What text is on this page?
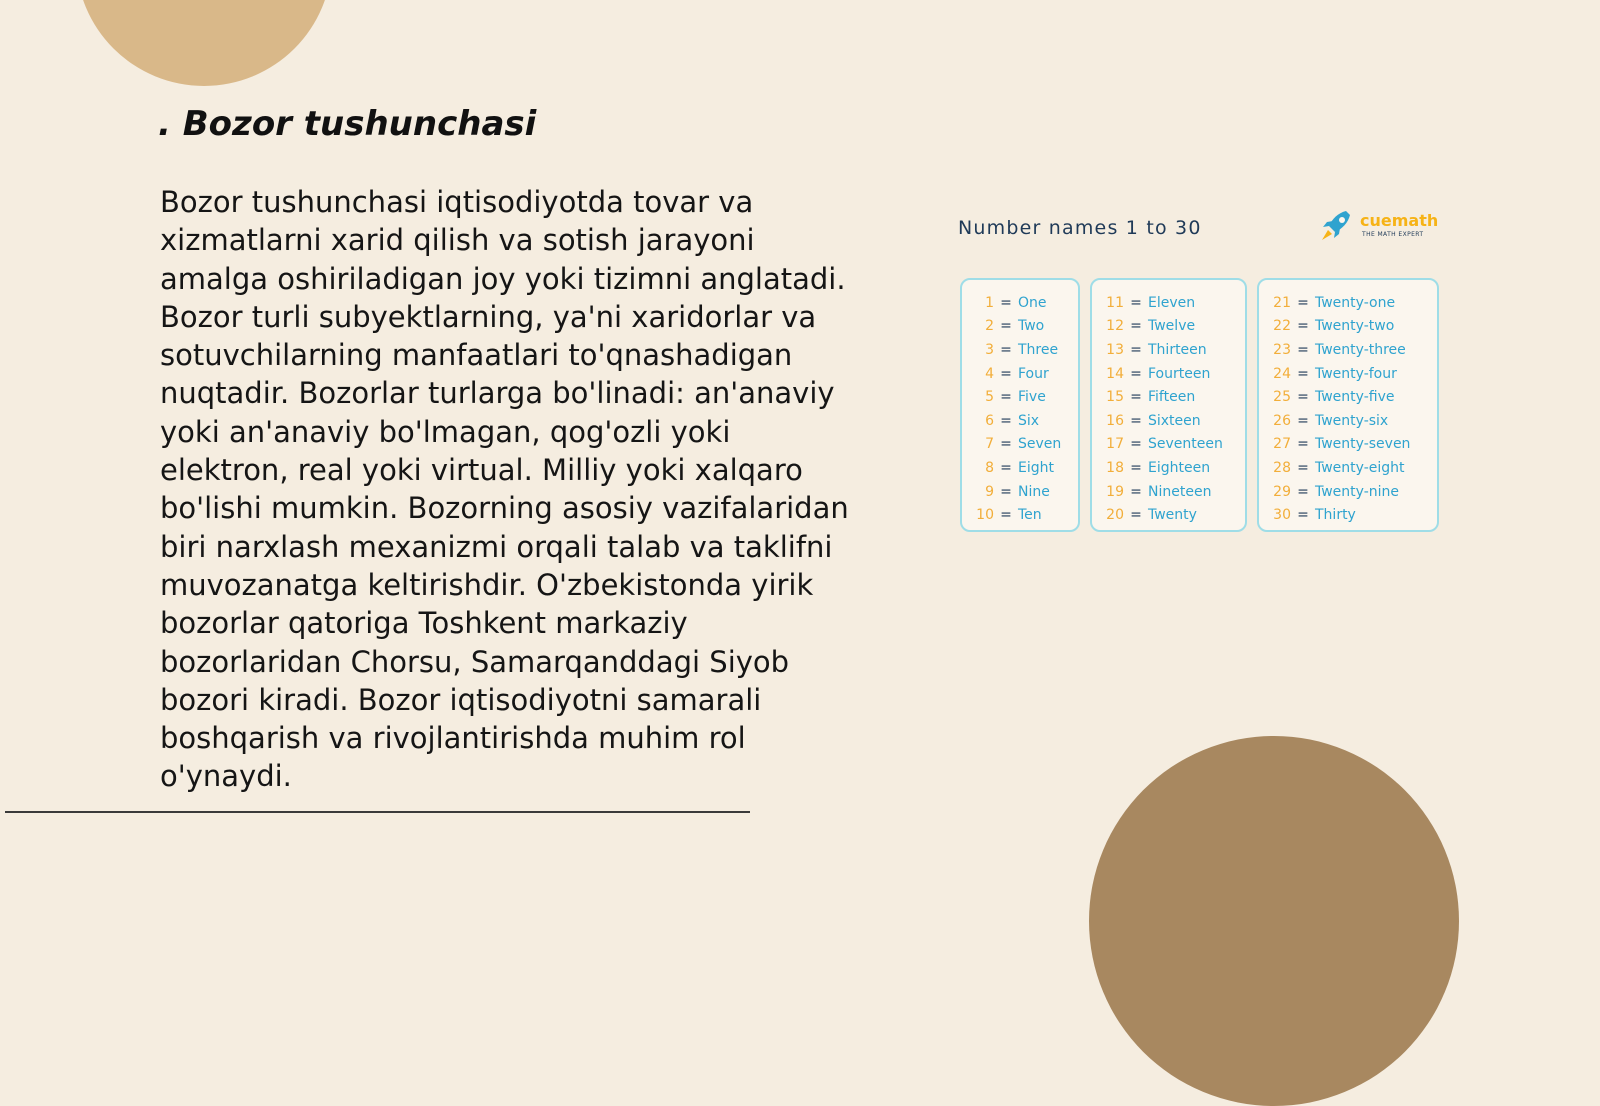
. Bozor tushunchasi

Bozor tushunchasi iqtisodiyotda tovar va xizmatlarni xarid qilish va sotish jarayoni amalga oshiriladigan joy yoki tizimni anglatadi. Bozor turli subyektlarning, ya'ni xaridorlar va sotuvchilarning manfaatlari to'qnashadigan nuqtadir. Bozorlar turlarga bo'linadi: an'anaviy yoki an'anaviy bo'lmagan, qog'ozli yoki elektron, real yoki virtual. Milliy yoki xalqaro bo'lishi mumkin. Bozorning asosiy vazifalaridan biri narxlash mexanizmi orqali talab va taklifni muvozanatga keltirishdir. O'zbekistonda yirik bozorlar qatoriga Toshkent markaziy bozorlaridan Chorsu, Samarqanddagi Siyob bozori kiradi. Bozor iqtisodiyotni samarali boshqarish va rivojlantirishda muhim rol o'ynaydi.

Number names 1 to 30	cuemath
THE MATH EXPERT
1 = One
2 = Two
3 = Three
4 = Four
5 = Five
6 = Six
7 = Seven
8 = Eight
9 = Nine
10 = Ten
11 = Eleven
12 = Twelve
13 = Thirteen
14 = Fourteen
15 = Fifteen
16 = Sixteen
17 = Seventeen
18 = Eighteen
19 = Nineteen
20 = Twenty
21 = Twenty-one
22 = Twenty-two
23 = Twenty-three
24 = Twenty-four
25 = Twenty-five
26 = Twenty-six
27 = Twenty-seven
28 = Twenty-eight
29 = Twenty-nine
30 = Thirty
